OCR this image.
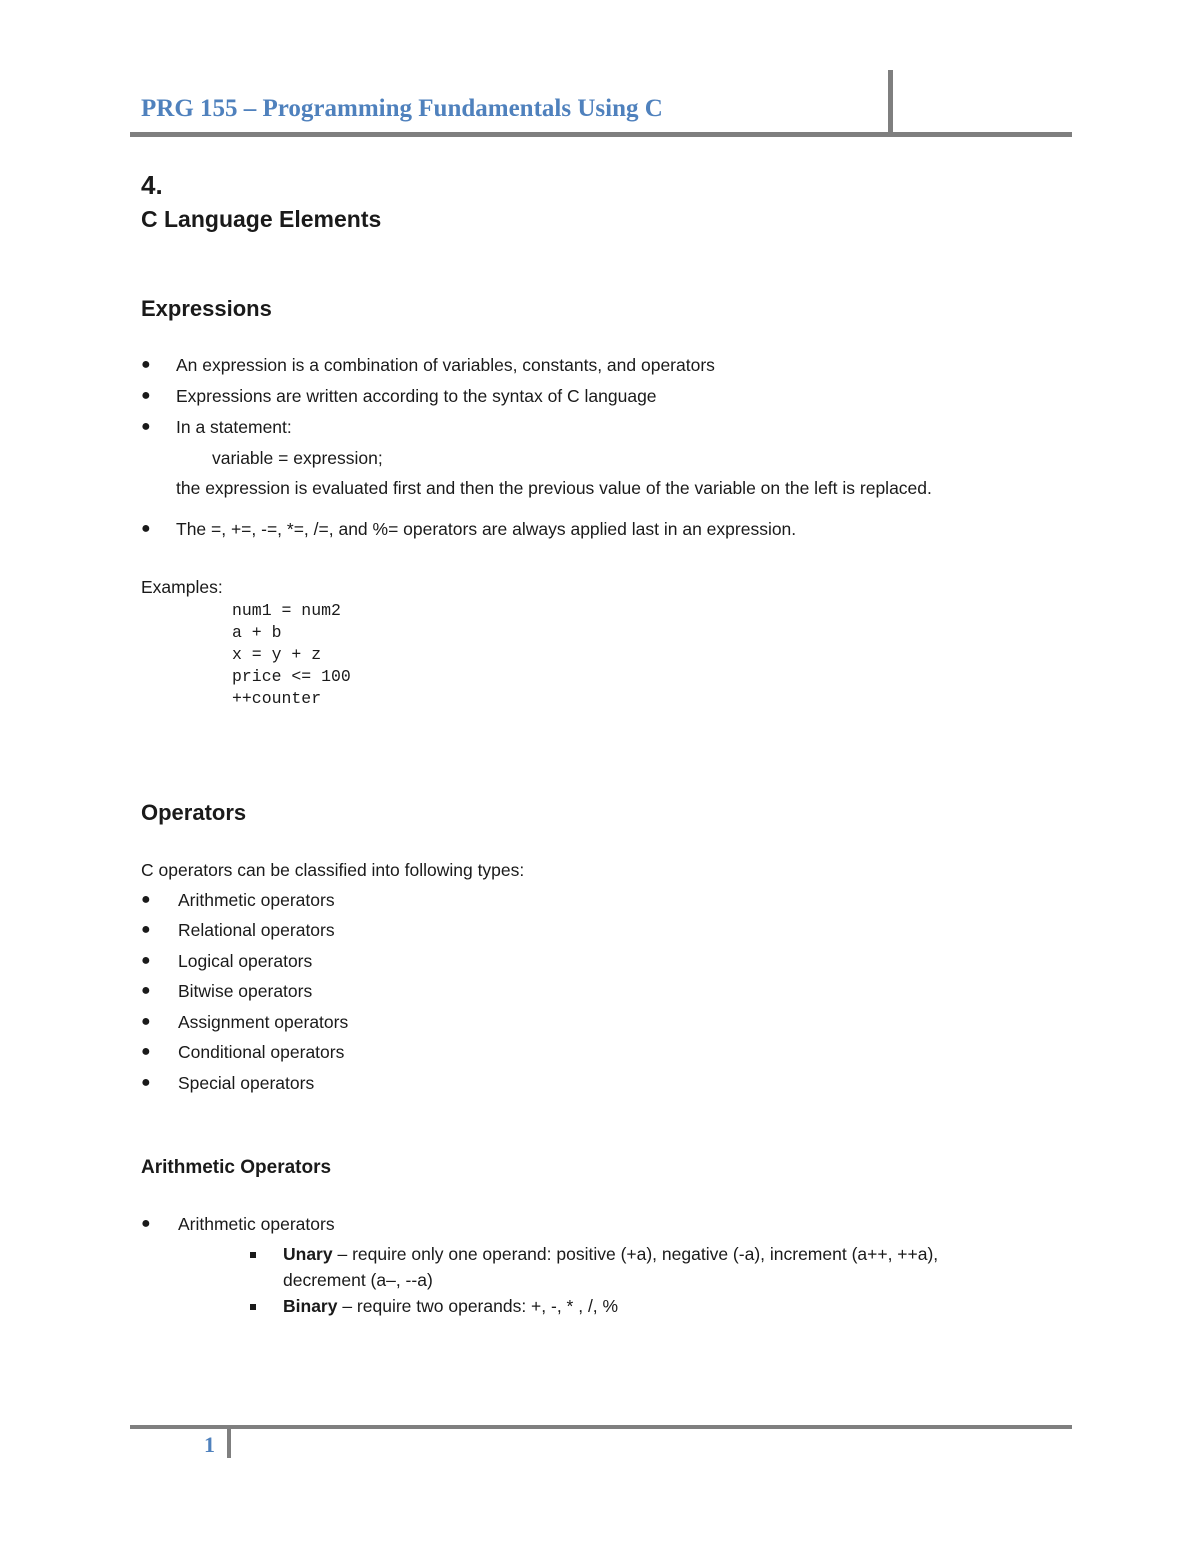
PRG 155 – Programming Fundamentals Using C
4.
C Language Elements
Expressions
● An expression is a combination of variables, constants, and operators
● Expressions are written according to the syntax of C language
● In a statement:
variable = expression;
the expression is evaluated first and then the previous value of the variable on the left is replaced.
● The =, +=, -=, *=, /=, and %= operators are always applied last in an expression.
Examples:
num1 = num2
a + b
x = y + z
price <= 100
++counter
Operators
C operators can be classified into following types:
● Arithmetic operators
● Relational operators
● Logical operators
● Bitwise operators
● Assignment operators
● Conditional operators
● Special operators
Arithmetic Operators
● Arithmetic operators
Unary – require only one operand: positive (+a), negative (-a), increment (a++, ++a),
decrement (a–, --a)
Binary – require two operands: +, -, * , /, %
1
